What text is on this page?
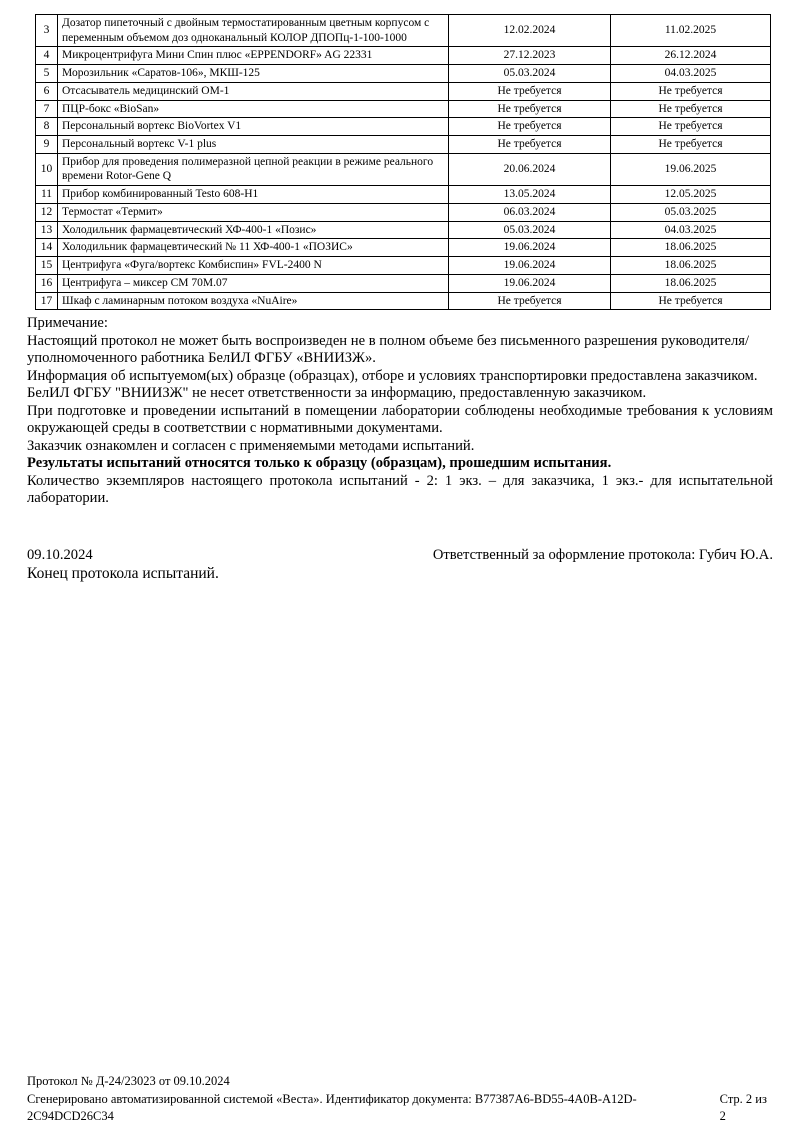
3	Дозатор пипеточный с двойным термостатированным цветным корпусом с переменным объемом доз одноканальный КОЛОР ДПОПц-1-100-1000	12.02.2024	11.02.2025
4	Микроцентрифуга Мини Спин плюс «EPPENDORF» AG 22331	27.12.2023	26.12.2024
5	Морозильник «Саратов-106», МКШ-125	05.03.2024	04.03.2025
6	Отсасыватель медицинский ОМ-1	Не требуется	Не требуется
7	ПЦР-бокс «BioSan»	Не требуется	Не требуется
8	Персональный вортекс BioVortex V1	Не требуется	Не требуется
9	Персональный вортекс V-1 plus	Не требуется	Не требуется
10	Прибор для проведения полимеразной цепной реакции в режиме реального времени Rotor-Gene Q	20.06.2024	19.06.2025
11	Прибор комбинированный Testo 608-H1	13.05.2024	12.05.2025
12	Термостат «Термит»	06.03.2024	05.03.2025
13	Холодильник фармацевтический ХФ-400-1 «Позис»	05.03.2024	04.03.2025
14	Холодильник фармацевтический № 11 ХФ-400-1 «ПОЗИС»	19.06.2024	18.06.2025
15	Центрифуга «Фуга/вортекс Комбиспин» FVL-2400 N	19.06.2024	18.06.2025
16	Центрифуга – миксер СМ 70М.07	19.06.2024	18.06.2025
17	Шкаф с ламинарным потоком воздуха «NuAire»	Не требуется	Не требуется

Примечание:

Настоящий протокол не может быть воспроизведен не в полном объеме без письменного разрешения руководителя/уполномоченного работника БелИЛ ФГБУ «ВНИИЗЖ».

Информация об испытуемом(ых) образце (образцах), отборе и условиях транспортировки предоставлена заказчиком.

БелИЛ ФГБУ "ВНИИЗЖ" не несет ответственности за информацию, предоставленную заказчиком.

При подготовке и проведении испытаний в помещении лаборатории соблюдены необходимые требования к условиям окружающей среды в соответствии с нормативными документами.

Заказчик ознакомлен и согласен с применяемыми методами испытаний.

Результаты испытаний относятся только к образцу (образцам), прошедшим испытания.

Количество экземпляров настоящего протокола испытаний - 2: 1 экз. – для заказчика, 1 экз.- для испытательной лаборатории.

09.10.2024	Ответственный за оформление протокола: Губич Ю.А.
Конец протокола испытаний.
Протокол № Д-24/23023 от 09.10.2024
Сгенерировано автоматизированной системой «Веста». Идентификатор документа: B77387A6-BD55-4A0B-A12D-2C94DCD26C34
Стр. 2 из 2
